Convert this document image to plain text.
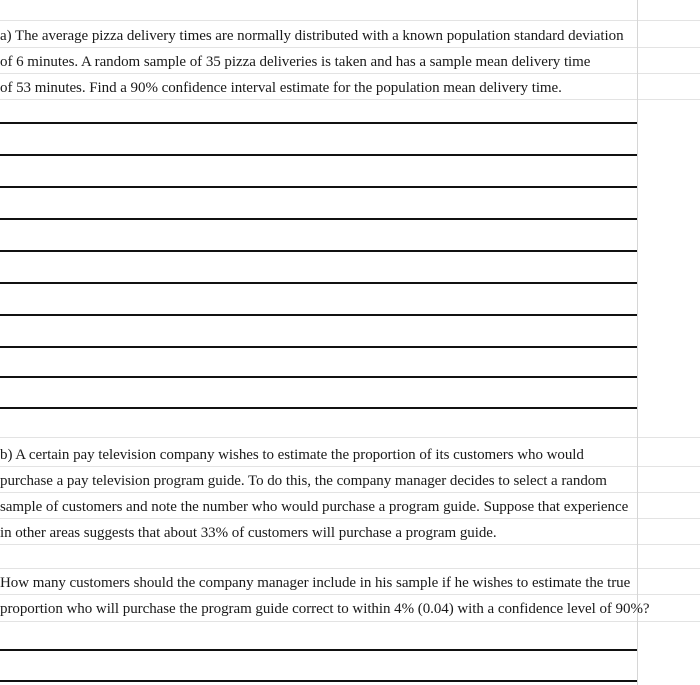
a) The average pizza delivery times are normally distributed with a known population standard deviation
of 6 minutes. A random sample of 35 pizza deliveries is taken and has a sample mean delivery time
of 53 minutes. Find a 90% confidence interval estimate for the population mean delivery time.
b) A certain pay television company wishes to estimate the proportion of its customers who would
purchase a pay television program guide. To do this, the company manager decides to select a random
sample of customers and note the number who would purchase a program guide. Suppose that experience
in other areas suggests that about 33% of customers will purchase a program guide.
How many customers should the company manager include in his sample if he wishes to estimate the true
proportion who will purchase the program guide correct to within 4% (0.04) with a confidence level of 90%?
